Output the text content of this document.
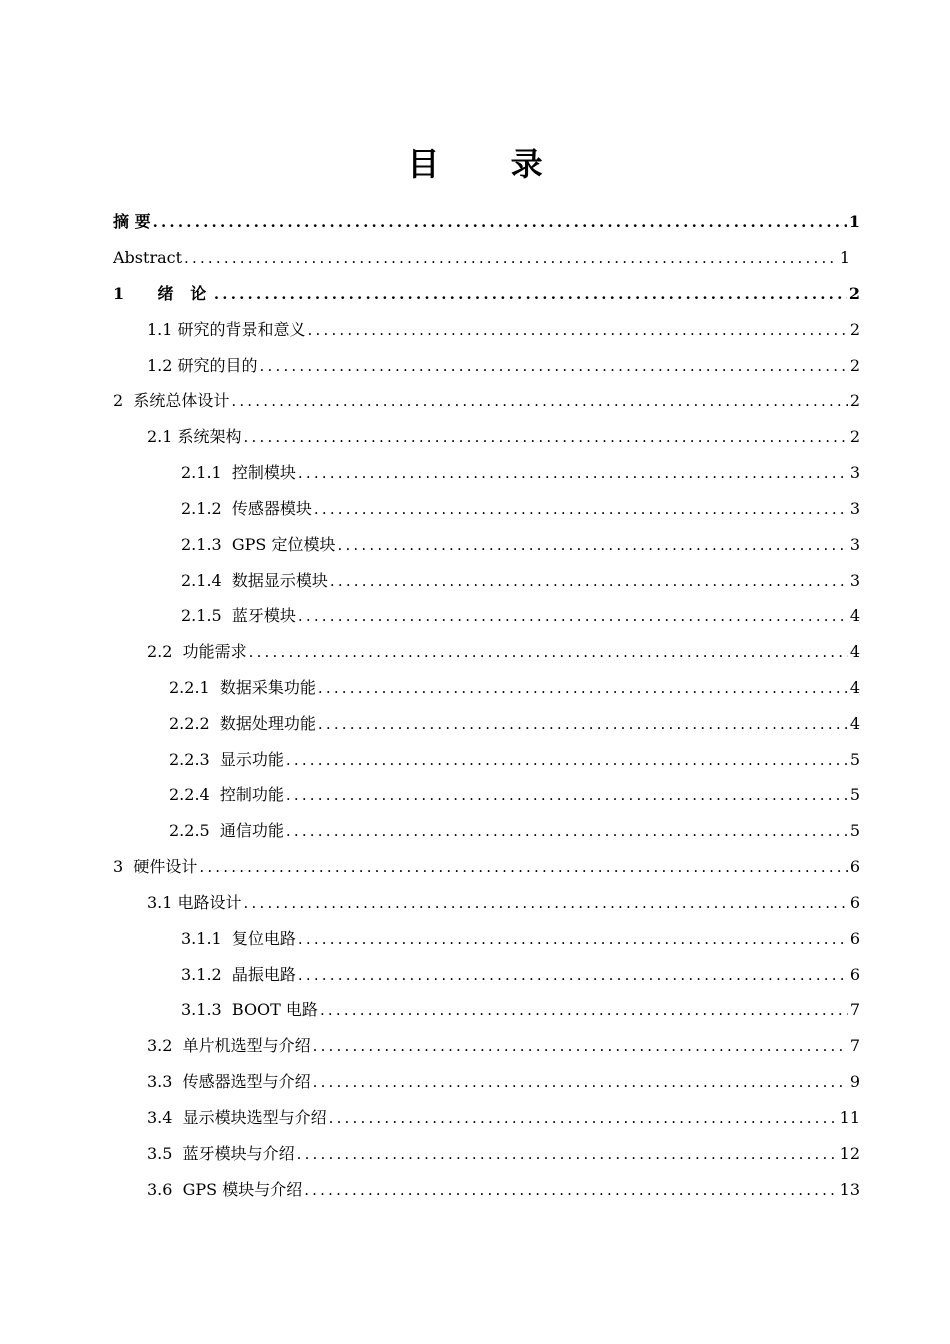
目 录
摘 要 .....	1
Abstract .....	1
1      绪   论 .....	2
1.1 研究的背景和意义 .....	2
1.2 研究的目的 .....	2
2  系统总体设计 .....	2
2.1 系统架构 .....	2
2.1.1  控制模块 .....	3
2.1.2  传感器模块 .....	3
2.1.3  GPS 定位模块 .....	3
2.1.4  数据显示模块 .....	3
2.1.5  蓝牙模块 .....	4
2.2  功能需求 .....	4
2.2.1  数据采集功能 .....	4
2.2.2  数据处理功能 .....	4
2.2.3  显示功能 .....	5
2.2.4  控制功能 .....	5
2.2.5  通信功能 .....	5
3  硬件设计 .....	6
3.1 电路设计 .....	6
3.1.1  复位电路 .....	6
3.1.2  晶振电路 .....	6
3.1.3  BOOT 电路 .....	7
3.2  单片机选型与介绍 .....	7
3.3  传感器选型与介绍 .....	9
3.4  显示模块选型与介绍 .....	11
3.5  蓝牙模块与介绍 .....	12
3.6  GPS 模块与介绍 .....	13
